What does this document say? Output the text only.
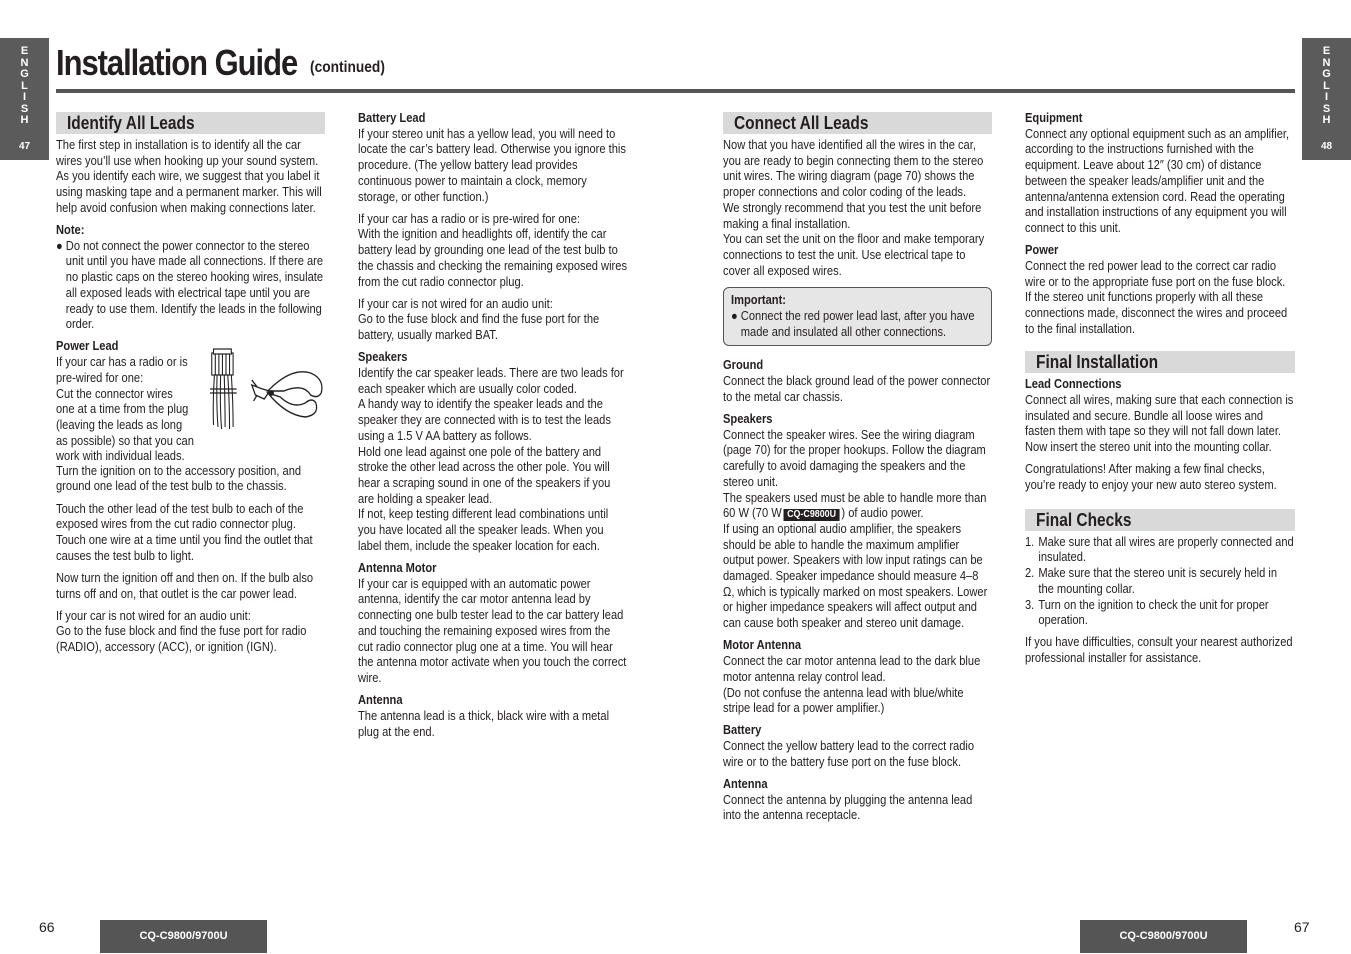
E
N
G
L
I
S
H
47
E
N
G
L
I
S
H
48
Installation Guide (continued)
Identify All Leads
The first step in installation is to identify all the car wires you’ll use when hooking up your sound system.
As you identify each wire, we suggest that you label it using masking tape and a permanent marker. This will help avoid confusion when making connections later.
Note:
● Do not connect the power connector to the stereo unit until you have made all connections. If there are no plastic caps on the stereo hooking wires, insulate all exposed leads with electrical tape until you are ready to use them. Identify the leads in the following order.
Power Lead
If your car has a radio or is
pre-wired for one:
Cut the connector wires
one at a time from the plug
(leaving the leads as long
as possible) so that you can
work with individual leads.
Turn the ignition on to the accessory position, and ground one lead of the test bulb to the chassis.
Touch the other lead of the test bulb to each of the exposed wires from the cut radio connector plug. Touch one wire at a time until you find the outlet that causes the test bulb to light.
Now turn the ignition off and then on. If the bulb also turns off and on, that outlet is the car power lead.
If your car is not wired for an audio unit:
Go to the fuse block and find the fuse port for radio (RADIO), accessory (ACC), or ignition (IGN).
Battery Lead
If your stereo unit has a yellow lead, you will need to locate the car’s battery lead. Otherwise you ignore this procedure. (The yellow battery lead provides continuous power to maintain a clock, memory storage, or other function.)
If your car has a radio or is pre-wired for one:
With the ignition and headlights off, identify the car battery lead by grounding one lead of the test bulb to the chassis and checking the remaining exposed wires from the cut radio connector plug.
If your car is not wired for an audio unit:
Go to the fuse block and find the fuse port for the battery, usually marked BAT.
Speakers
Identify the car speaker leads. There are two leads for each speaker which are usually color coded.
A handy way to identify the speaker leads and the speaker they are connected with is to test the leads using a 1.5 V AA battery as follows.
Hold one lead against one pole of the battery and stroke the other lead across the other pole. You will hear a scraping sound in one of the speakers if you are holding a speaker lead.
If not, keep testing different lead combinations until you have located all the speaker leads. When you label them, include the speaker location for each.
Antenna Motor
If your car is equipped with an automatic power antenna, identify the car motor antenna lead by connecting one bulb tester lead to the car battery lead and touching the remaining exposed wires from the cut radio connector plug one at a time. You will hear the antenna motor activate when you touch the correct wire.
Antenna
The antenna lead is a thick, black wire with a metal plug at the end.
Connect All Leads
Now that you have identified all the wires in the car, you are ready to begin connecting them to the stereo unit wires. The wiring diagram (page 70) shows the proper connections and color coding of the leads.
We strongly recommend that you test the unit before making a final installation.
You can set the unit on the floor and make temporary connections to test the unit. Use electrical tape to cover all exposed wires.
Important:
● Connect the red power lead last, after you have made and insulated all other connections.
Ground
Connect the black ground lead of the power connector to the metal car chassis.
Speakers
Connect the speaker wires. See the wiring diagram (page 70) for the proper hookups. Follow the diagram carefully to avoid damaging the speakers and the stereo unit.
The speakers used must be able to handle more than 60 W (70 W CQ-C9800U ) of audio power.
If using an optional audio amplifier, the speakers should be able to handle the maximum amplifier output power. Speakers with low input ratings can be damaged. Speaker impedance should measure 4–8 Ω, which is typically marked on most speakers. Lower or higher impedance speakers will affect output and can cause both speaker and stereo unit damage.
Motor Antenna
Connect the car motor antenna lead to the dark blue motor antenna relay control lead.
(Do not confuse the antenna lead with blue/white stripe lead for a power amplifier.)
Battery
Connect the yellow battery lead to the correct radio wire or to the battery fuse port on the fuse block.
Antenna
Connect the antenna by plugging the antenna lead into the antenna receptacle.
Equipment
Connect any optional equipment such as an amplifier, according to the instructions furnished with the equipment. Leave about 12″ (30 cm) of distance between the speaker leads/amplifier unit and the antenna/antenna extension cord. Read the operating and installation instructions of any equipment you will connect to this unit.
Power
Connect the red power lead to the correct car radio wire or to the appropriate fuse port on the fuse block.
If the stereo unit functions properly with all these connections made, disconnect the wires and proceed to the final installation.
Final Installation
Lead Connections
Connect all wires, making sure that each connection is insulated and secure. Bundle all loose wires and fasten them with tape so they will not fall down later. Now insert the stereo unit into the mounting collar.
Congratulations! After making a few final checks, you’re ready to enjoy your new auto stereo system.
Final Checks
1. Make sure that all wires are properly connected and insulated.
2. Make sure that the stereo unit is securely held in the mounting collar.
3. Turn on the ignition to check the unit for proper operation.
If you have difficulties, consult your nearest authorized professional installer for assistance.
66
CQ-C9800/9700U	CQ-C9800/9700U
67
